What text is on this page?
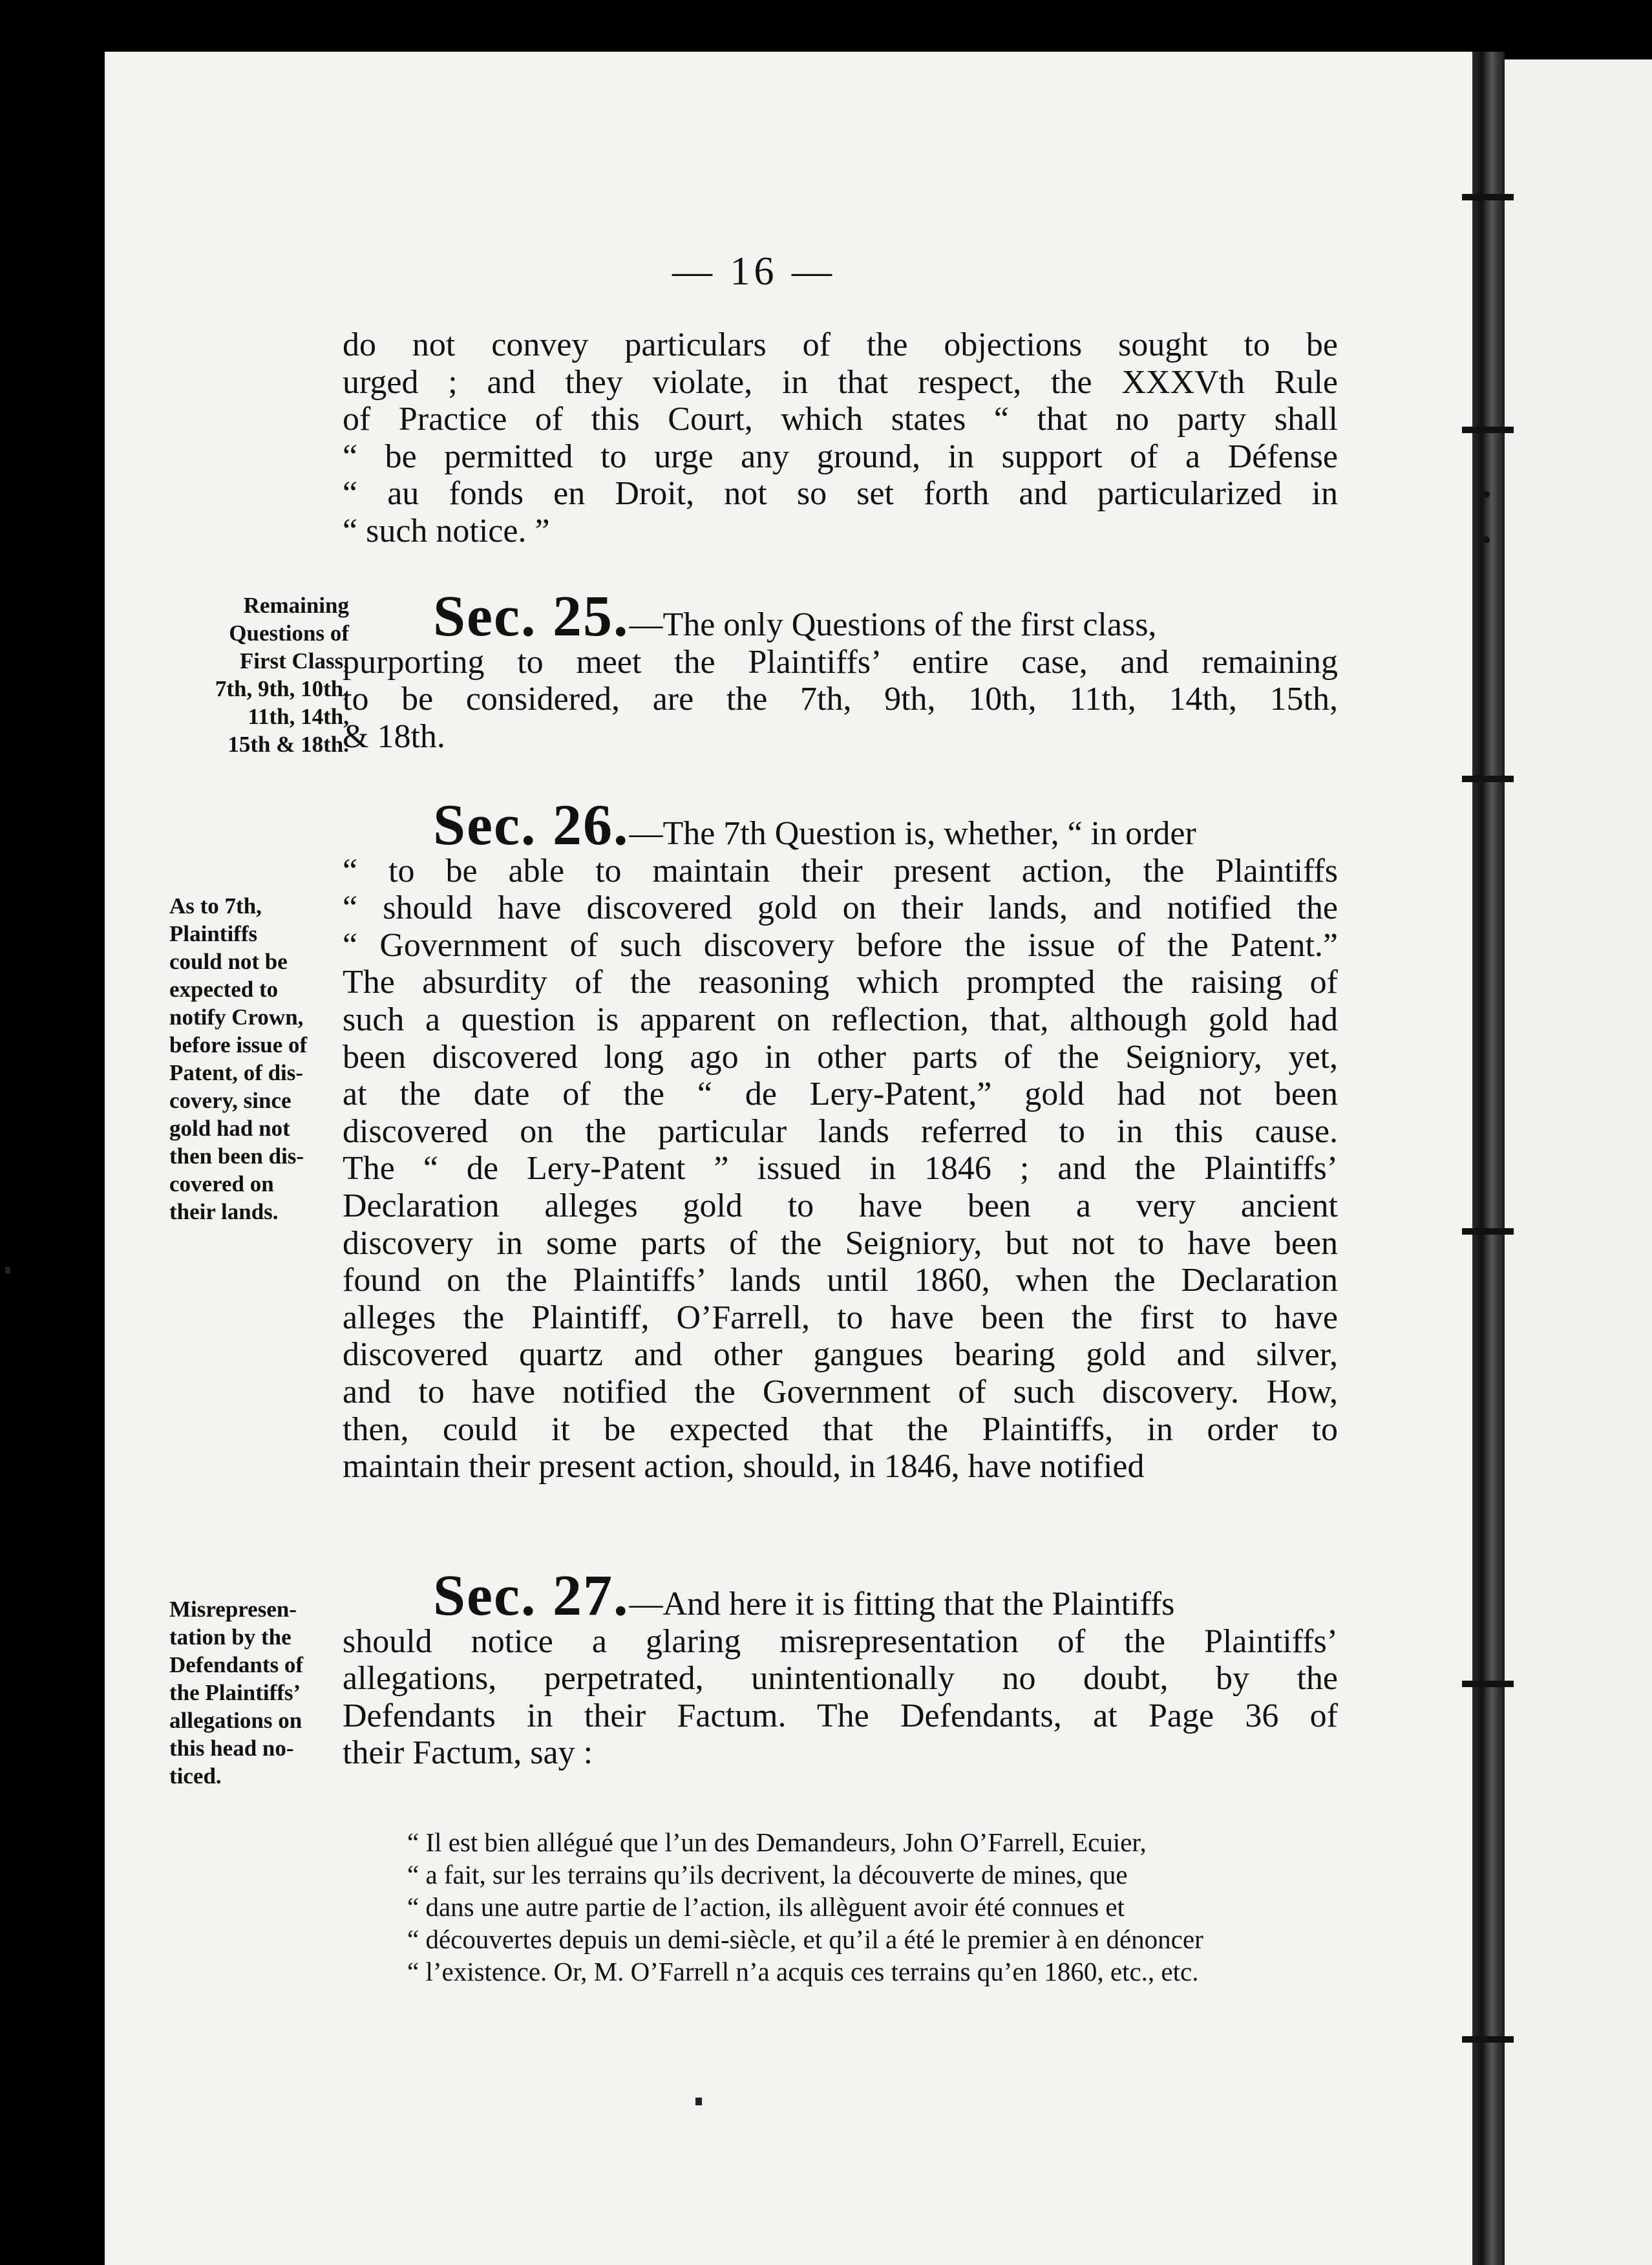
— 16 —
do not convey particulars of the objections sought to be
urged ; and they violate, in that respect, the XXXVth Rule
of Practice of this Court, which states “ that no party shall
“ be permitted to urge any ground, in support of a Défense
“ au fonds en Droit, not so set forth and particularized in
“ such notice. ”
Remaining
Questions of
First Class,
7th, 9th, 10th,
11th, 14th,
15th & 18th.
Sec. 25.—The only Questions of the first class,
purporting to meet the Plaintiffs’ entire case, and remaining
to be considered, are the 7th, 9th, 10th, 11th, 14th, 15th,
& 18th.
As to 7th,
Plaintiffs
could not be
expected to
notify Crown,
before issue of
Patent, of dis-
covery, since
gold had not
then been dis-
covered on
their lands.
Sec. 26.—The 7th Question is, whether, “ in order
“ to be able to maintain their present action, the Plaintiffs
“ should have discovered gold on their lands, and notified the
“ Government of such discovery before the issue of the Patent.”
The absurdity of the reasoning which prompted the raising of
such a question is apparent on reflection, that, although gold had
been discovered long ago in other parts of the Seigniory, yet,
at the date of the “ de Lery-Patent,” gold had not been
discovered on the particular lands referred to in this cause.
The “ de Lery-Patent ” issued in 1846 ; and the Plaintiffs’
Declaration alleges gold to have been a very ancient
discovery in some parts of the Seigniory, but not to have been
found on the Plaintiffs’ lands until 1860, when the Declaration
alleges the Plaintiff, O’Farrell, to have been the first to have
discovered quartz and other gangues bearing gold and silver,
and to have notified the Government of such discovery. How,
then, could it be expected that the Plaintiffs, in order to
maintain their present action, should, in 1846, have notified
Misrepresen-
tation by the
Defendants of
the Plaintiffs’
allegations on
this head no-
ticed.
Sec. 27.—And here it is fitting that the Plaintiffs
should notice a glaring misrepresentation of the Plaintiffs’
allegations, perpetrated, unintentionally no doubt, by the
Defendants in their Factum. The Defendants, at Page 36 of
their Factum, say :
“ Il est bien allégué que l’un des Demandeurs, John O’Farrell, Ecuier,
“ a fait, sur les terrains qu’ils decrivent, la découverte de mines, que
“ dans une autre partie de l’action, ils allèguent avoir été connues et
“ découvertes depuis un demi-siècle, et qu’il a été le premier à en dénoncer
“ l’existence. Or, M. O’Farrell n’a acquis ces terrains qu’en 1860, etc., etc.
